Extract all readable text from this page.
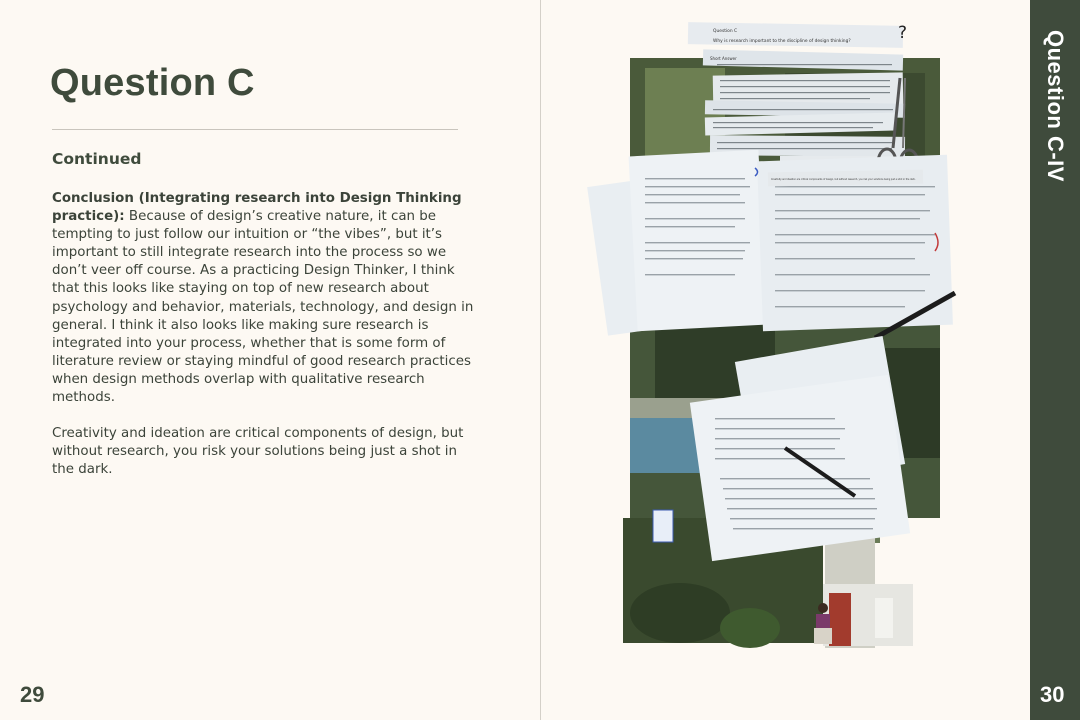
Question C
Continued

Conclusion (Integrating research into Design Thinking practice): Because of design’s creative nature, it can be tempting to just follow our intuition or “the vibes”, but it’s important to still integrate research into the process so we don’t veer off course. As a practicing Design Thinker, I think that this looks like staying on top of new research about psychology and behavior, materials, technology, and design in general. I think it also looks like making sure research is integrated into your process, whether that is some form of literature review or staying mindful of good research practices when design methods overlap with qualitative research methods.

Creativity and ideation are critical components of design, but without research, you risk your solutions being just a shot in the dark.

29
Question C
Why is research important to the discipline of design thinking?	?
Short Answer
Creativity and ideation are critical components of design, but without research, you risk your solutions being just a shot in the dark.	Question C-IV
30
